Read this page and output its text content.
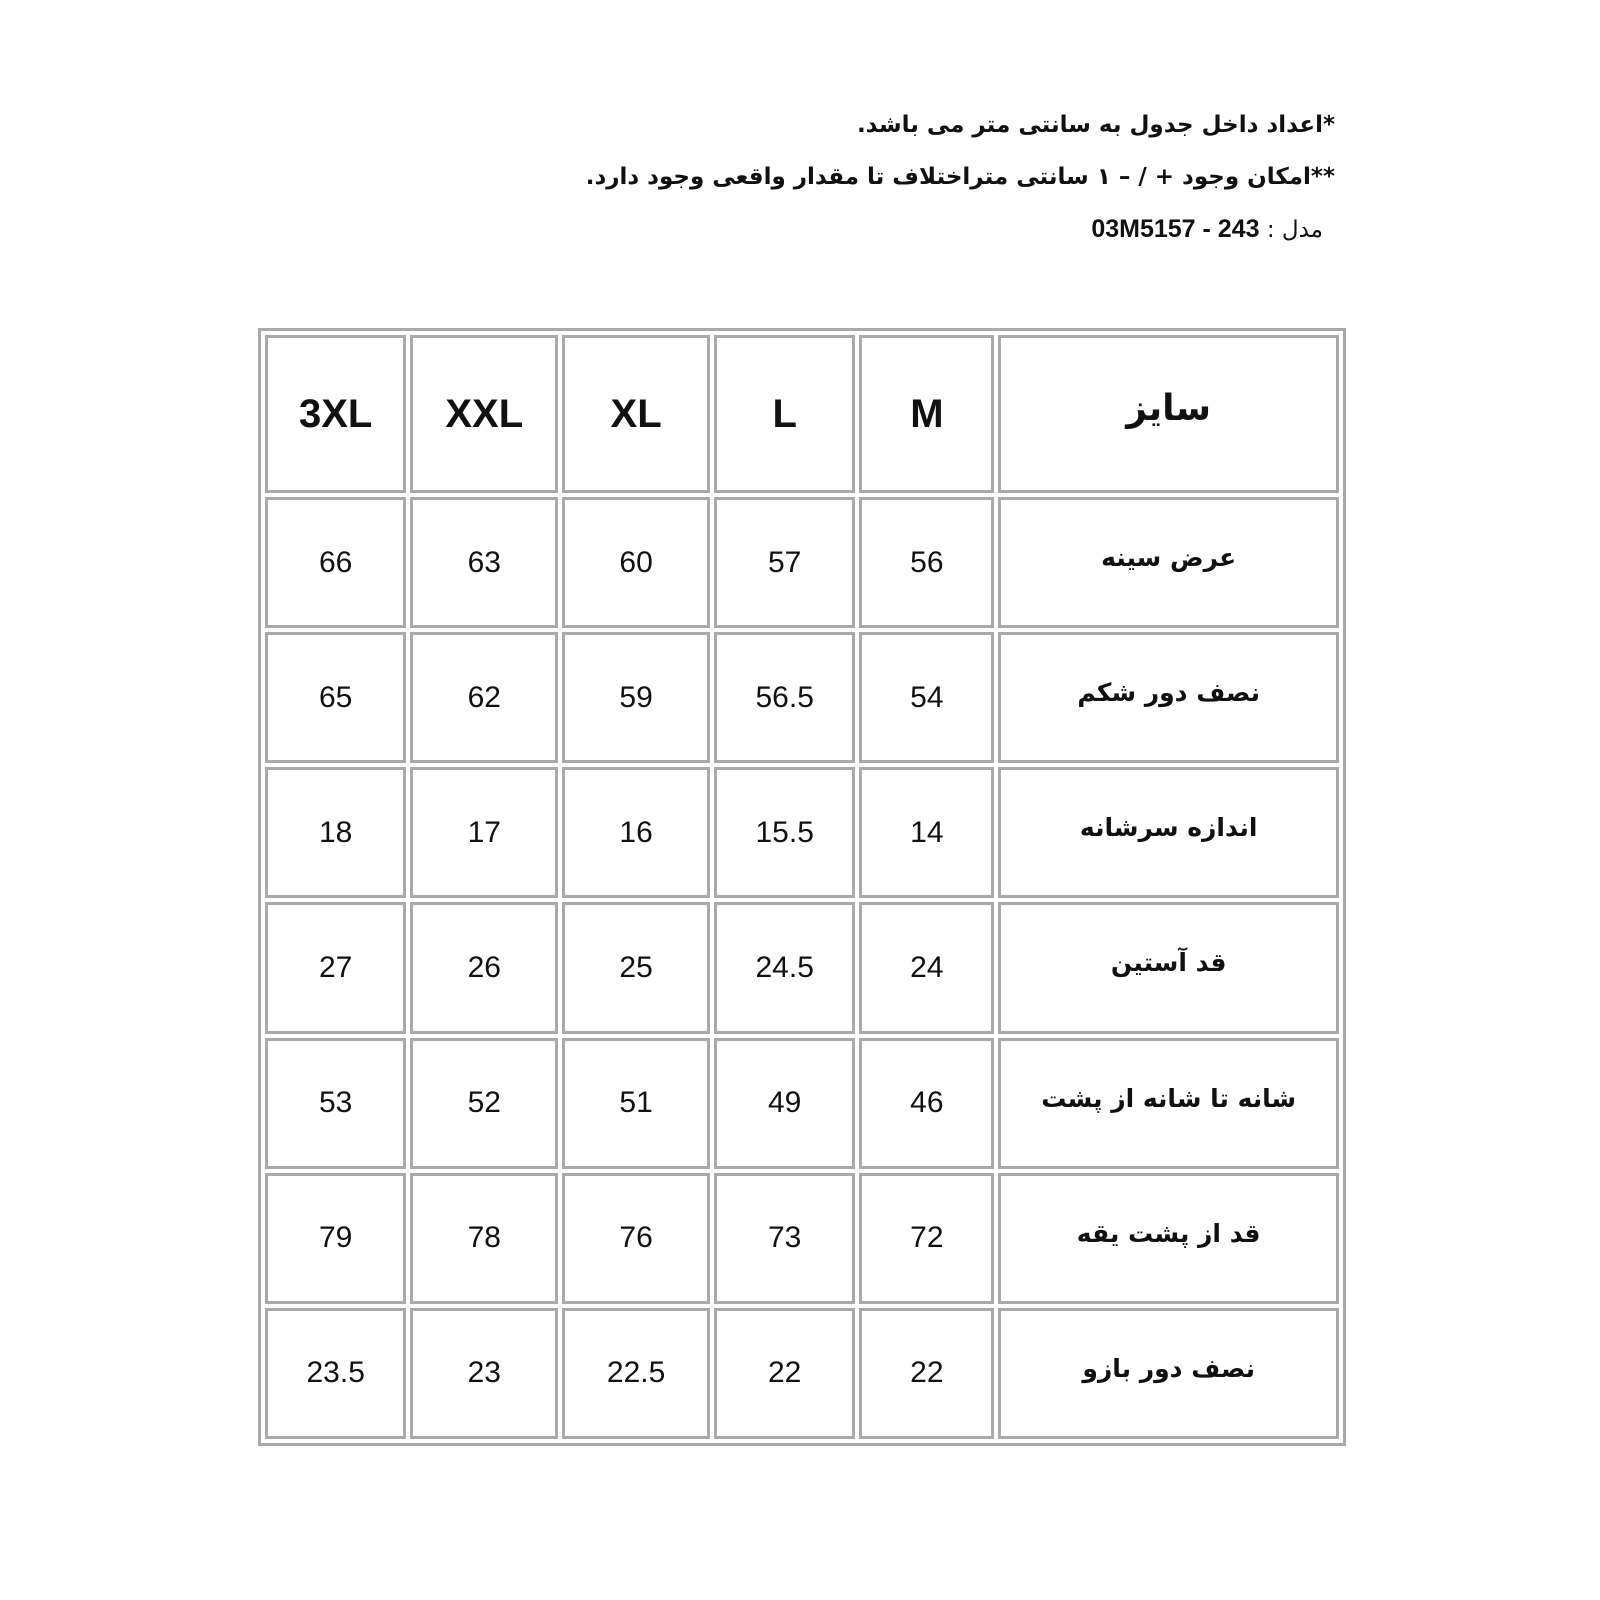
*اعداد داخل جدول به سانتی متر می باشد.
**امکان وجود + / – ۱ سانتی متراختلاف تا مقدار واقعی وجود دارد.
مدل : 03M5157 - 243
3XL	XXL	XL	L	M	سایز
66	63	60	57	56	عرض سینه
65	62	59	56.5	54	نصف دور شکم
18	17	16	15.5	14	اندازه سرشانه
27	26	25	24.5	24	قد آستین
53	52	51	49	46	شانه تا شانه از پشت
79	78	76	73	72	قد از پشت یقه
23.5	23	22.5	22	22	نصف دور بازو
